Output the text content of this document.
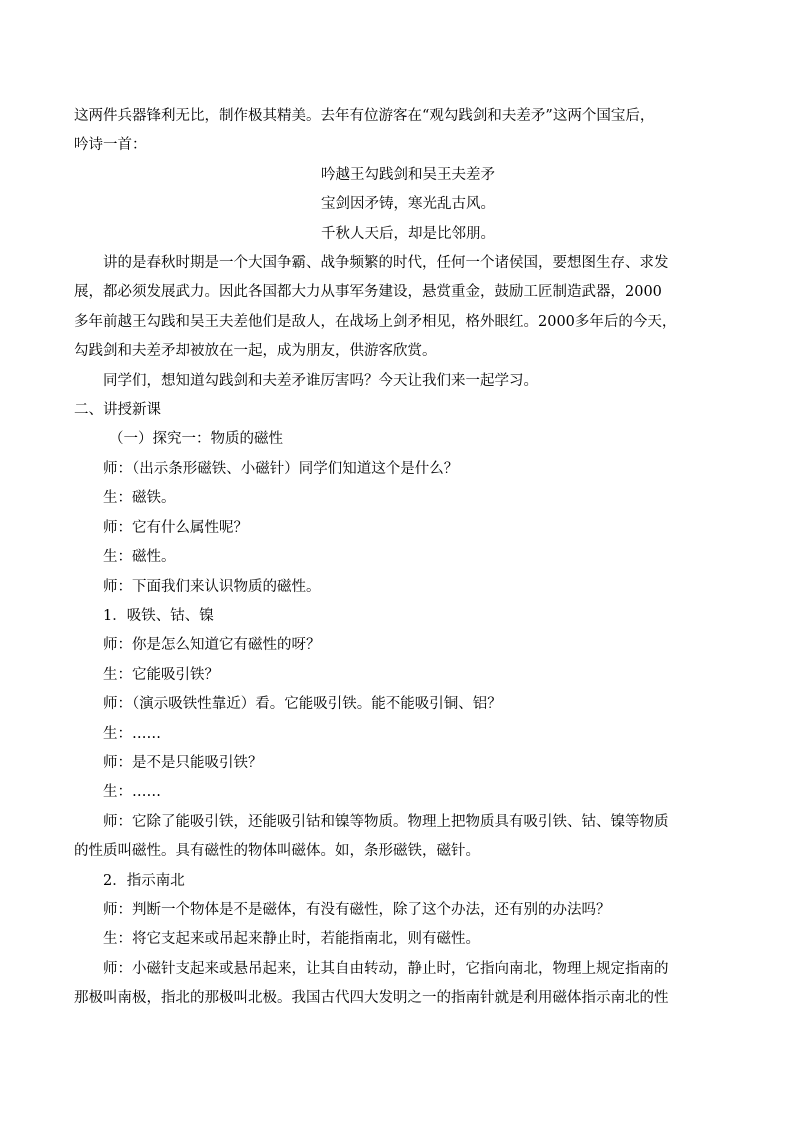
这两件兵器锋利无比，制作极其精美。去年有位游客在“观勾践剑和夫差矛”这两个国宝后，

吟诗一首：

吟越王勾践剑和吴王夫差矛

宝剑因矛铸，寒光乱古风。

千秋人天后，却是比邻朋。

讲的是春秋时期是一个大国争霸、战争频繁的时代，任何一个诸侯国，要想图生存、求发

展，都必须发展武力。因此各国都大力从事军务建设，悬赏重金，鼓励工匠制造武器，2000

多年前越王勾践和吴王夫差他们是敌人，在战场上剑矛相见，格外眼红。2000多年后的今天，

勾践剑和夫差矛却被放在一起，成为朋友，供游客欣赏。

同学们，想知道勾践剑和夫差矛谁厉害吗？今天让我们来一起学习。

二、讲授新课

（一）探究一：物质的磁性

师：（出示条形磁铁、小磁针）同学们知道这个是什么？

生：磁铁。

师：它有什么属性呢？

生：磁性。

师：下面我们来认识物质的磁性。

1．吸铁、钴、镍

师：你是怎么知道它有磁性的呀？

生：它能吸引铁？

师：（演示吸铁性靠近）看。它能吸引铁。能不能吸引铜、铝？

生：……

师：是不是只能吸引铁？

生：……

师：它除了能吸引铁，还能吸引钴和镍等物质。物理上把物质具有吸引铁、钴、镍等物质

的性质叫磁性。具有磁性的物体叫磁体。如，条形磁铁，磁针。

2．指示南北

师：判断一个物体是不是磁体，有没有磁性，除了这个办法，还有别的办法吗？

生：将它支起来或吊起来静止时，若能指南北，则有磁性。

师：小磁针支起来或悬吊起来，让其自由转动，静止时，它指向南北，物理上规定指南的

那极叫南极，指北的那极叫北极。我国古代四大发明之一的指南针就是利用磁体指示南北的性
